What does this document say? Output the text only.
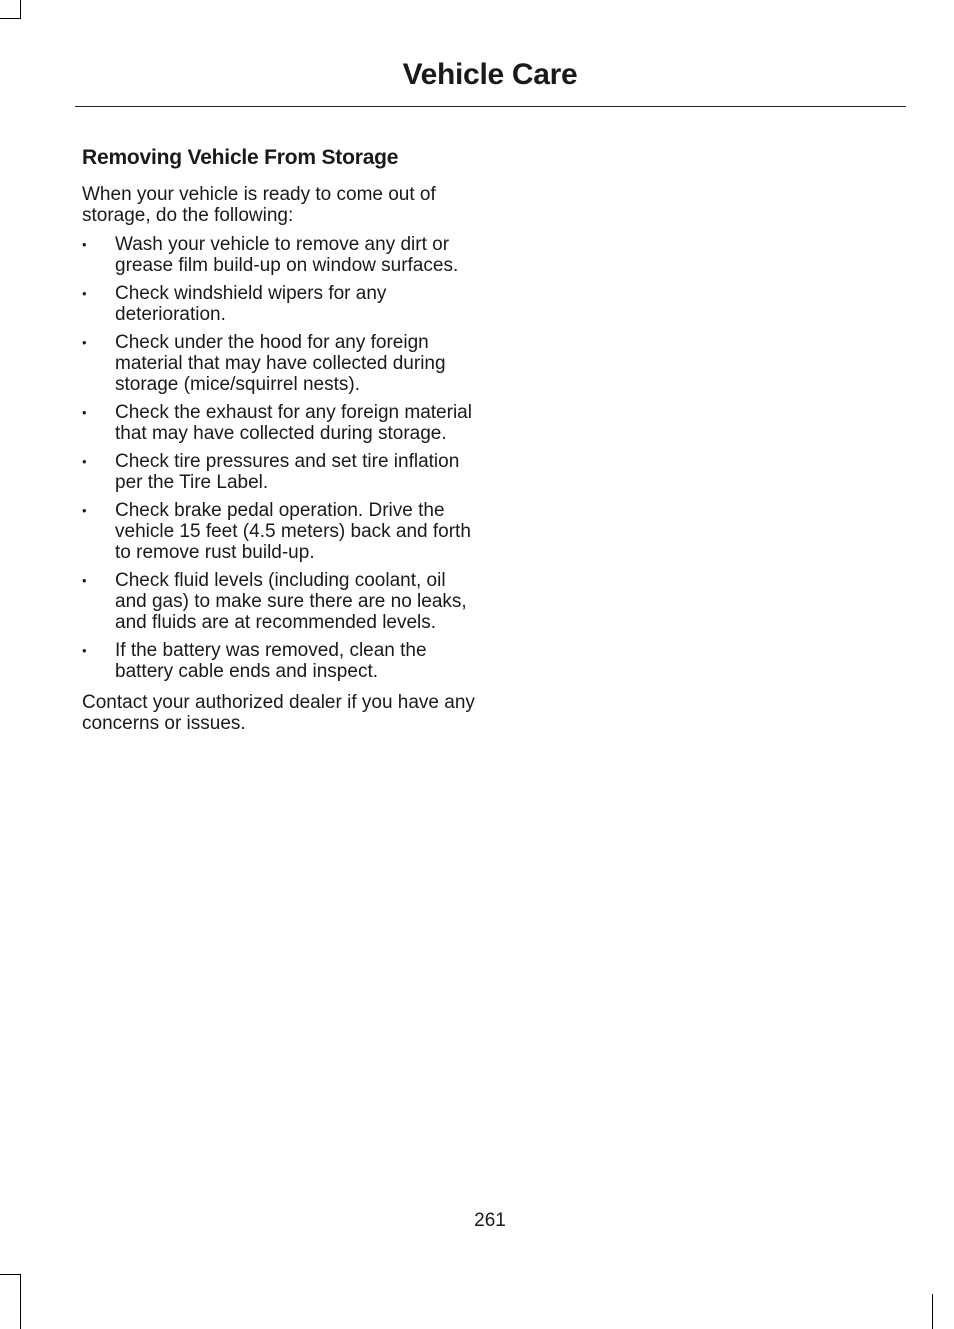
Vehicle Care
Removing Vehicle From Storage

When your vehicle is ready to come out of storage, do the following:

• Wash your vehicle to remove any dirt or grease film build-up on window surfaces.
• Check windshield wipers for any deterioration.
• Check under the hood for any foreign material that may have collected during storage (mice/squirrel nests).
• Check the exhaust for any foreign material that may have collected during storage.
• Check tire pressures and set tire inflation per the Tire Label.
• Check brake pedal operation. Drive the vehicle 15 feet (4.5 meters) back and forth to remove rust build-up.
• Check fluid levels (including coolant, oil and gas) to make sure there are no leaks, and fluids are at recommended levels.
• If the battery was removed, clean the battery cable ends and inspect.

Contact your authorized dealer if you have any concerns or issues.

261
